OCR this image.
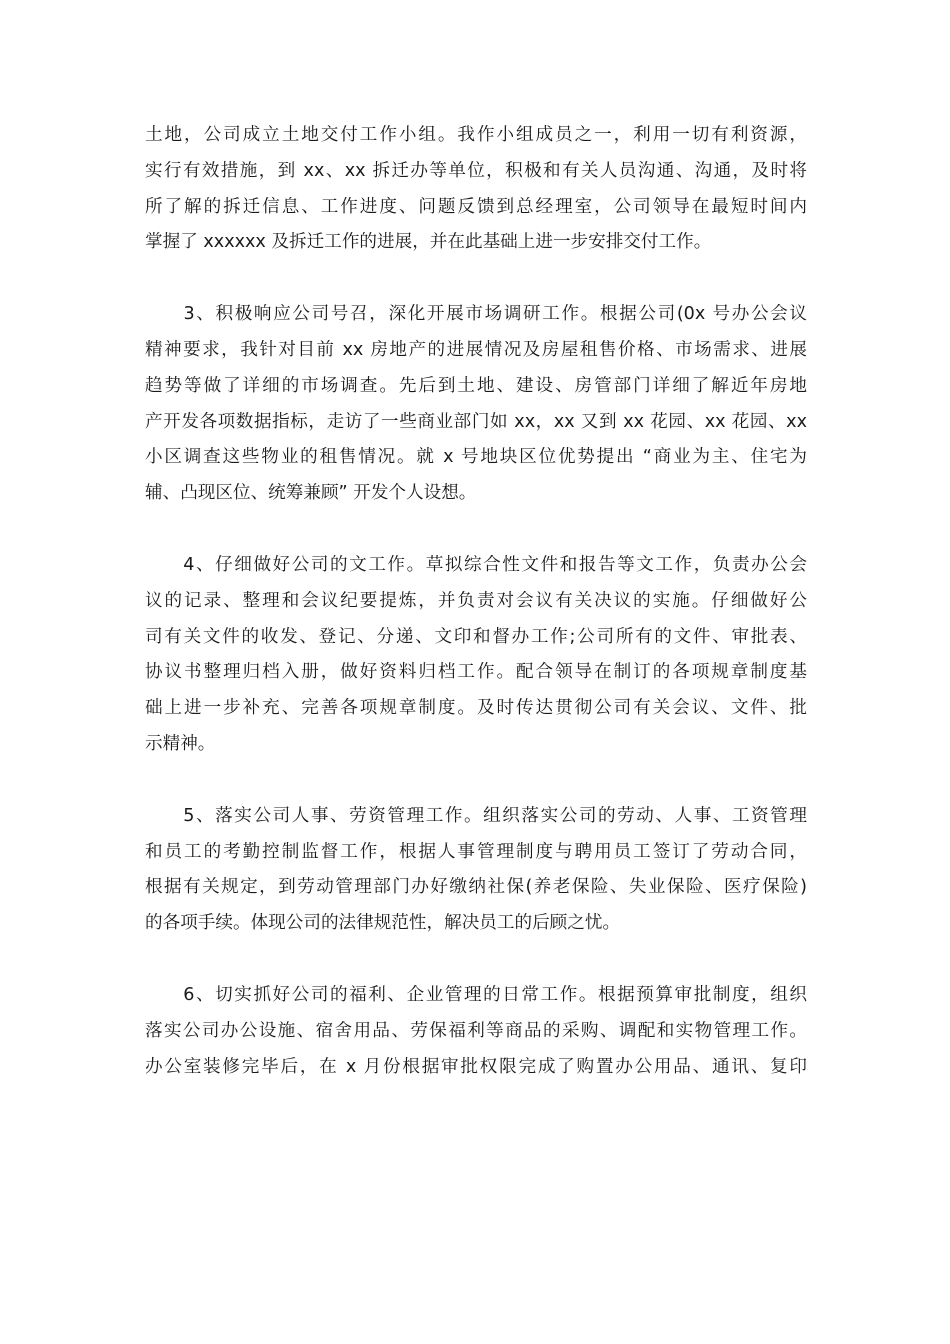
土地，公司成立土地交付工作小组。我作小组成员之一，利用一切有利资源，
实行有效措施，到 xx、xx 拆迁办等单位，积极和有关人员沟通、沟通，及时将
所了解的拆迁信息、工作进度、问题反馈到总经理室，公司领导在最短时间内
掌握了 xxxxxx 及拆迁工作的进展，并在此基础上进一步安排交付工作。
　　3、积极响应公司号召，深化开展市场调研工作。根据公司(0x 号办公会议
精神要求，我针对目前 xx 房地产的进展情况及房屋租售价格、市场需求、进展
趋势等做了详细的市场调查。先后到土地、建设、房管部门详细了解近年房地
产开发各项数据指标，走访了一些商业部门如 xx，xx 又到 xx 花园、xx 花园、xx
小区调查这些物业的租售情况。就 x 号地块区位优势提出 “商业为主、住宅为
辅、凸现区位、统筹兼顾” 开发个人设想。
　　4、仔细做好公司的文工作。草拟综合性文件和报告等文工作，负责办公会
议的记录、整理和会议纪要提炼，并负责对会议有关决议的实施。仔细做好公
司有关文件的收发、登记、分递、文印和督办工作;公司所有的文件、审批表、
协议书整理归档入册，做好资料归档工作。配合领导在制订的各项规章制度基
础上进一步补充、完善各项规章制度。及时传达贯彻公司有关会议、文件、批
示精神。
　　5、落实公司人事、劳资管理工作。组织落实公司的劳动、人事、工资管理
和员工的考勤控制监督工作，根据人事管理制度与聘用员工签订了劳动合同，
根据有关规定，到劳动管理部门办好缴纳社保(养老保险、失业保险、医疗保险)
的各项手续。体现公司的法律规范性，解决员工的后顾之忧。
　　6、切实抓好公司的福利、企业管理的日常工作。根据预算审批制度，组织
落实公司办公设施、宿舍用品、劳保福利等商品的采购、调配和实物管理工作。
办公室装修完毕后，在 x 月份根据审批权限完成了购置办公用品、通讯、复印
